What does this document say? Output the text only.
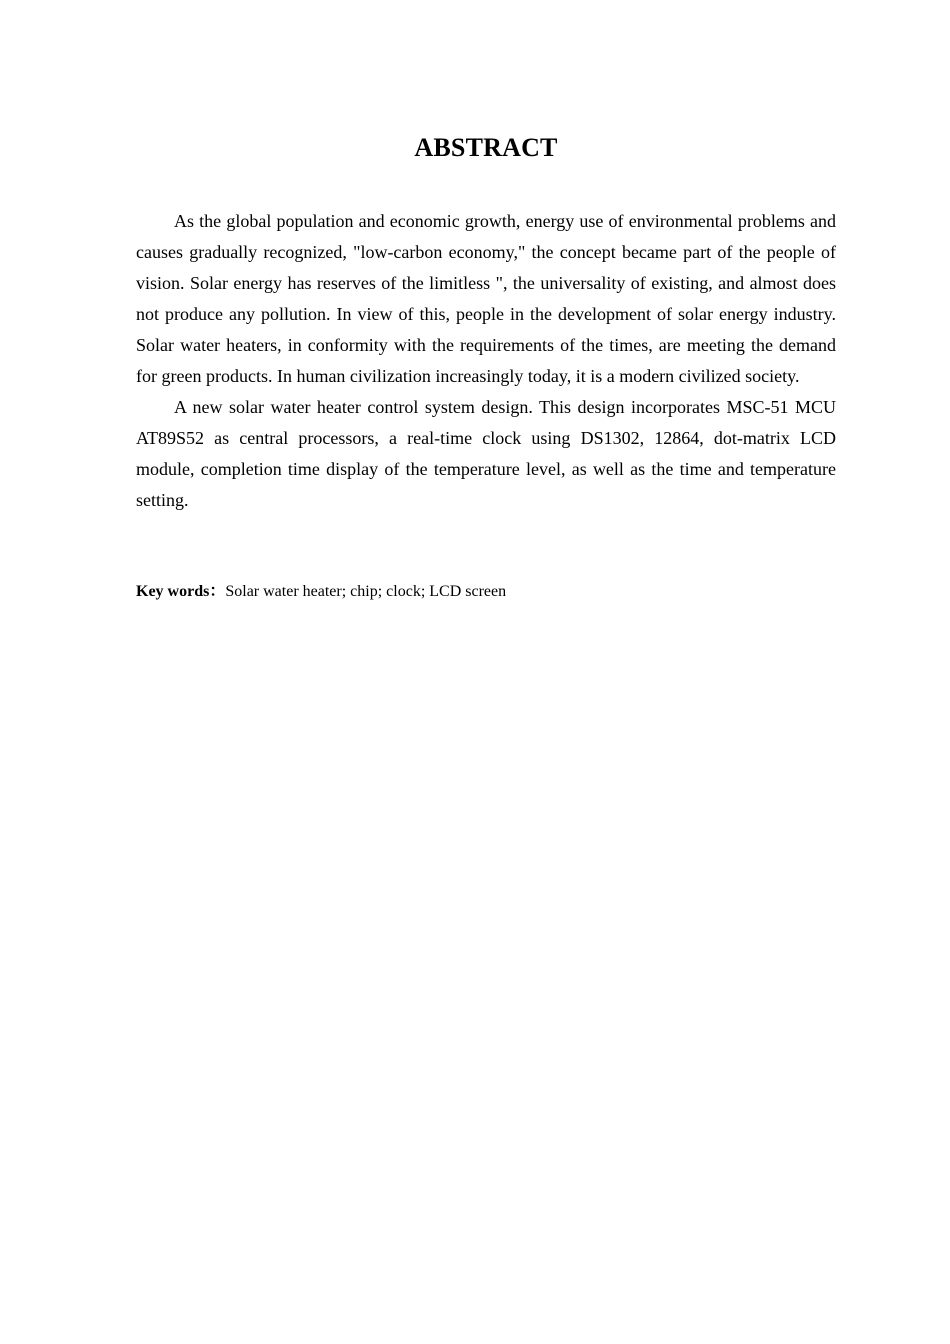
ABSTRACT

As the global population and economic growth, energy use of environmental problems and causes gradually recognized, "low-carbon economy," the concept became part of the people of vision. Solar energy has reserves of the limitless ", the universality of existing, and almost does not produce any pollution. In view of this, people in the development of solar energy industry. Solar water heaters, in conformity with the requirements of the times, are meeting the demand for green products. In human civilization increasingly today, it is a modern civilized society.

A new solar water heater control system design. This design incorporates MSC-51 MCU AT89S52 as central processors, a real-time clock using DS1302, 12864, dot-matrix LCD module, completion time display of the temperature level, as well as the time and temperature setting.

Key words：Solar water heater; chip; clock; LCD screen
